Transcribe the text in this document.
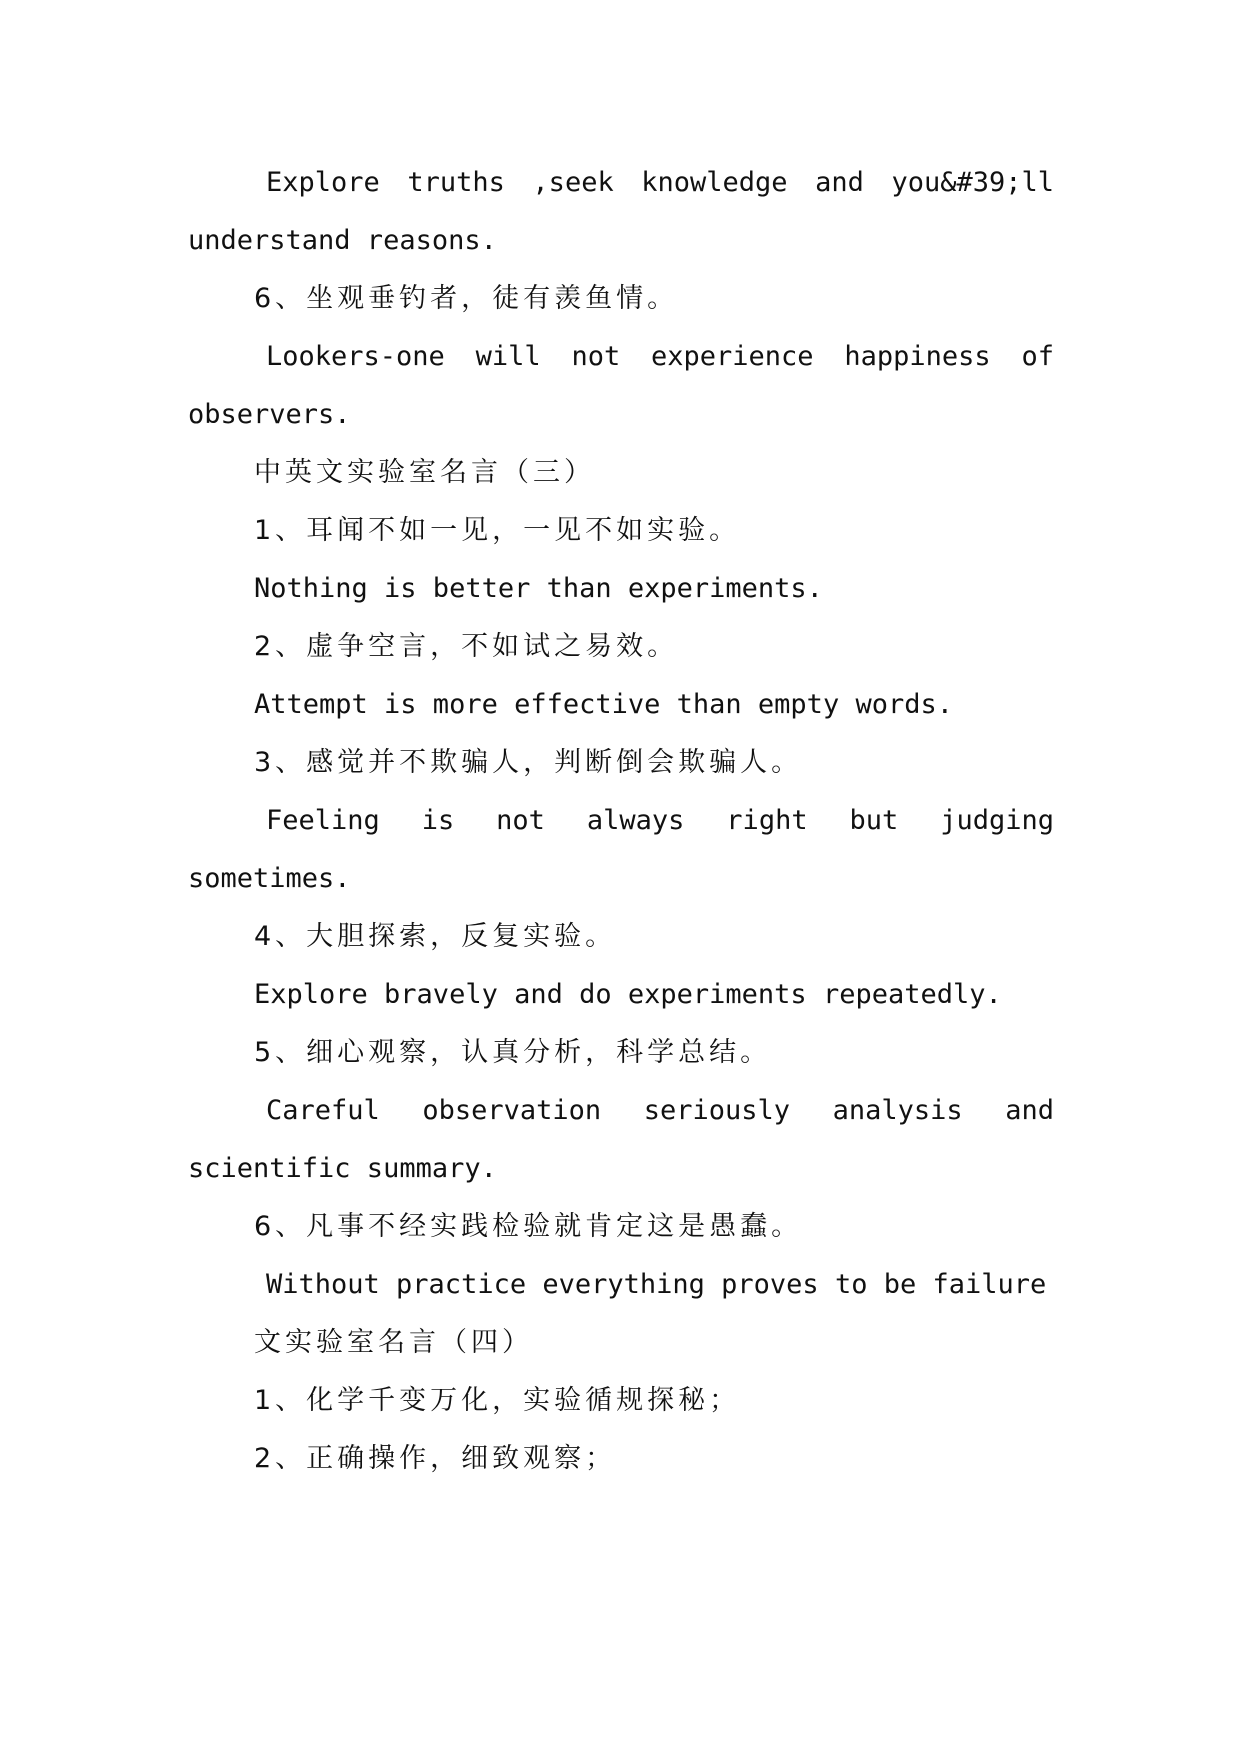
Explore truths ,seek knowledge and you&#39;ll understand reasons.

6、坐观垂钓者，徒有羡鱼情。

Lookers-one will not experience happiness of observers.

中英文实验室名言（三）

1、耳闻不如一见，一见不如实验。

Nothing is better than experiments.

2、虚争空言，不如试之易效。

Attempt is more effective than empty words.

3、感觉并不欺骗人，判断倒会欺骗人。

Feeling is not always right but judging sometimes.

4、大胆探索，反复实验。

Explore bravely and do experiments repeatedly.

5、细心观察，认真分析，科学总结。

Careful observation seriously analysis and scientific summary.

6、凡事不经实践检验就肯定这是愚蠢。

Without practice everything proves to be failure

文实验室名言（四）

1、化学千变万化，实验循规探秘；

2、正确操作，细致观察；
